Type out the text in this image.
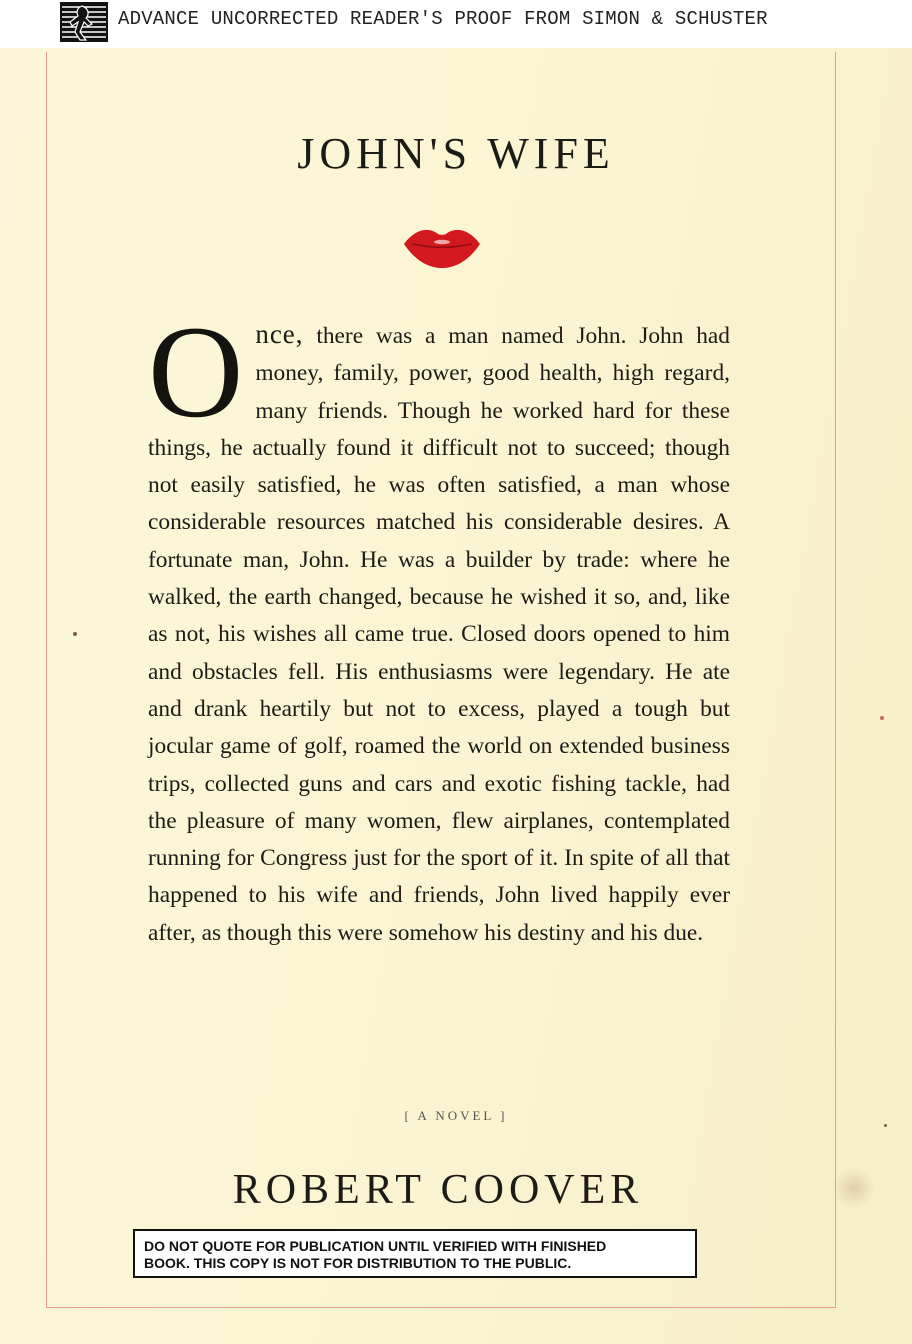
ADVANCE UNCORRECTED READER'S PROOF FROM SIMON & SCHUSTER
JOHN'S WIFE
Once, there was a man named John. John had money, family, power, good health, high regard, many friends. Though he worked hard for these things, he actually found it difficult not to succeed; though not easily satisfied, he was often satisfied, a man whose considerable resources matched his considerable desires. A fortunate man, John. He was a builder by trade: where he walked, the earth changed, because he wished it so, and, like as not, his wishes all came true. Closed doors opened to him and obstacles fell. His enthusiasms were legendary. He ate and drank heartily but not to excess, played a tough but jocular game of golf, roamed the world on extended business trips, collected guns and cars and exotic fishing tackle, had the pleasure of many women, flew airplanes, contemplated running for Congress just for the sport of it. In spite of all that happened to his wife and friends, John lived happily ever after, as though this were somehow his destiny and his due.
[ A NOVEL ]
ROBERT COOVER
DO NOT QUOTE FOR PUBLICATION UNTIL VERIFIED WITH FINISHED
BOOK. THIS COPY IS NOT FOR DISTRIBUTION TO THE PUBLIC.
